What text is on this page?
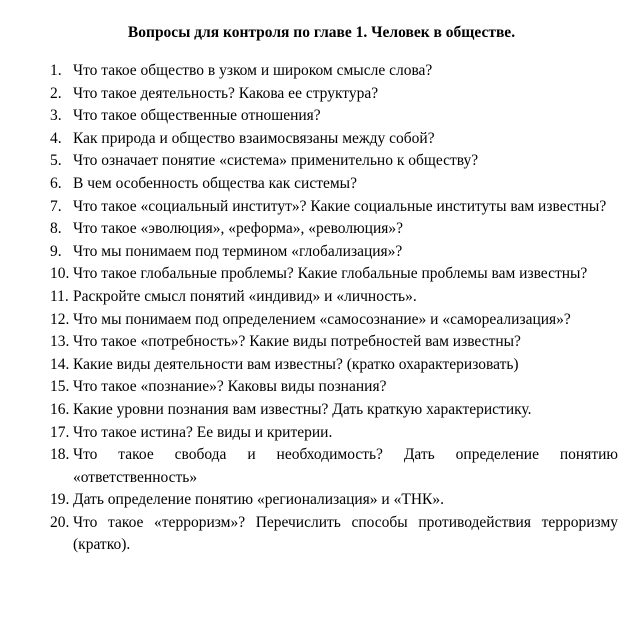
Вопросы для контроля по главе 1. Человек в обществе.
1. Что такое общество в узком и широком смысле слова?
2. Что такое деятельность? Какова ее структура?
3. Что такое общественные отношения?
4. Как природа и общество взаимосвязаны между собой?
5. Что означает понятие «система» применительно к обществу?
6. В чем особенность общества как системы?
7. Что такое «социальный институт»? Какие социальные институты вам известны?
8. Что такое «эволюция», «реформа», «революция»?
9. Что мы понимаем под термином «глобализация»?
10. Что такое глобальные проблемы? Какие глобальные проблемы вам известны?
11. Раскройте смысл понятий «индивид» и «личность».
12. Что мы понимаем под определением «самосознание» и «самореализация»?
13. Что такое «потребность»? Какие виды потребностей вам известны?
14. Какие виды деятельности вам известны? (кратко охарактеризовать)
15. Что такое «познание»? Каковы виды познания?
16. Какие уровни познания вам известны? Дать краткую характеристику.
17. Что такое истина? Ее виды и критерии.
18. Что такое свобода и необходимость? Дать определение понятию «ответственность»
19. Дать определение понятию «регионализация» и «ТНК».
20. Что такое «терроризм»? Перечислить способы противодействия терроризму (кратко).
